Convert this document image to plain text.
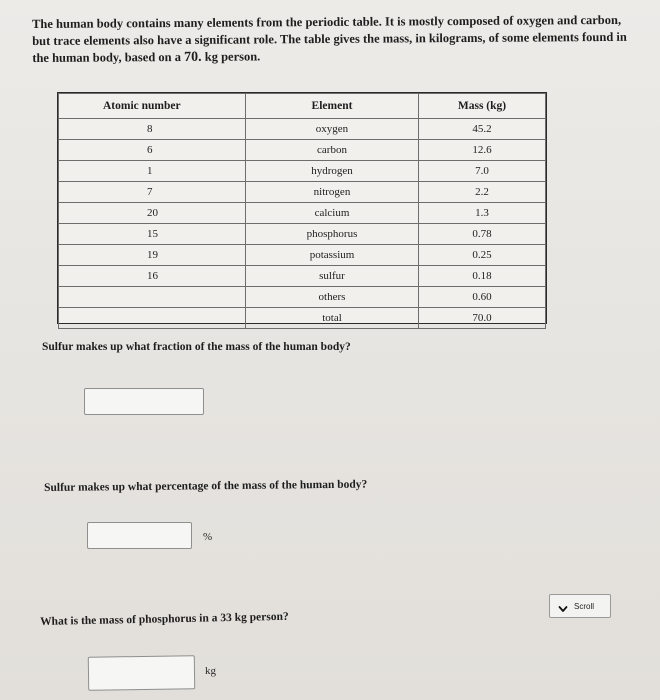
The human body contains many elements from the periodic table. It is mostly composed of oxygen and carbon, but trace elements also have a significant role. The table gives the mass, in kilograms, of some elements found in the human body, based on a 70. kg person.
Atomic number	Element	Mass (kg)
8	oxygen	45.2
6	carbon	12.6
1	hydrogen	7.0
7	nitrogen	2.2
20	calcium	1.3
15	phosphorus	0.78
19	potassium	0.25
16	sulfur	0.18
	others	0.60
	total	70.0
Sulfur makes up what fraction of the mass of the human body?
Sulfur makes up what percentage of the mass of the human body?
%
What is the mass of phosphorus in a 33 kg person?
kg
Scroll
